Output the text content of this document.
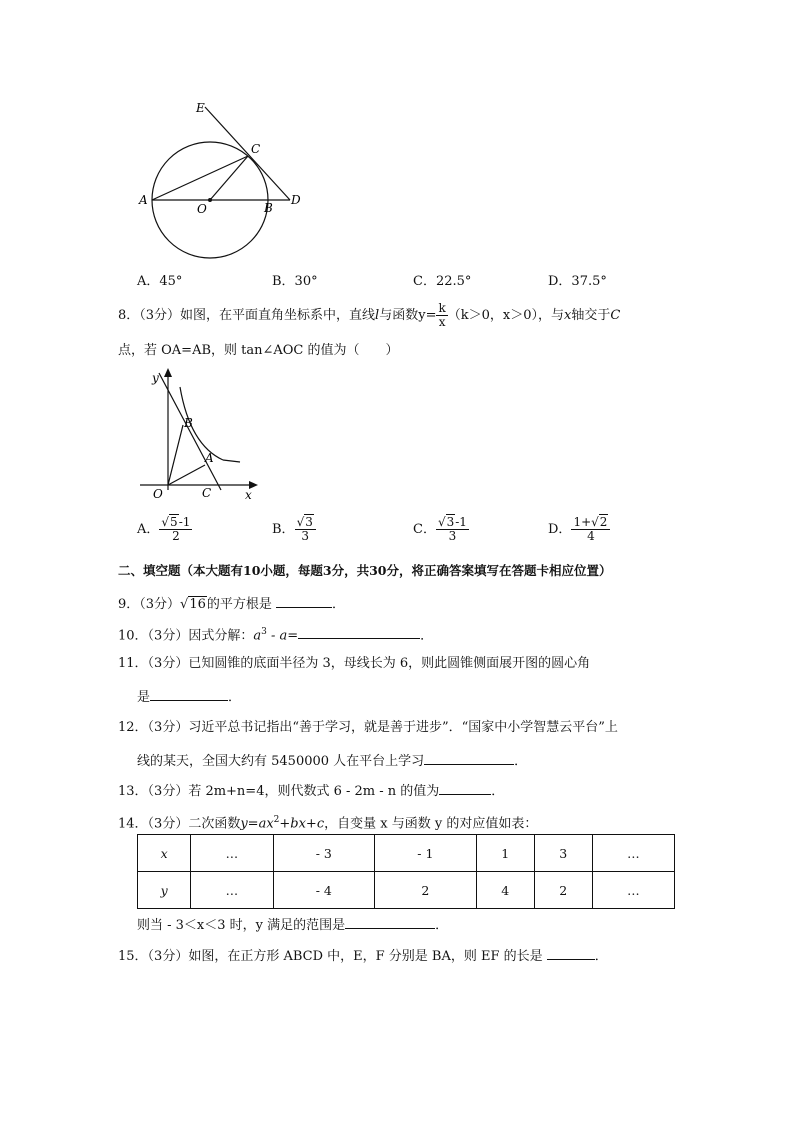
E
C
A
O	B
D
A．45°	B．30°	C．22.5°	D．37.5°
8．（3分）如图，在平面直角坐标系中，直线l与函数$y= \frac{k}{x} (k>0$，x＞0），与x轴交于C
点，若 OA=AB，则 tan∠AOC 的值为（　　）
y
B
A
O	C	x
A． $\frac{√5-1}{2}$	B． $\frac{√3}{3}$	C． $\frac{√3-1}{3}$	D． $\frac{1+√2}{4}$
二、填空题（本大题有10小题，每题3分，共30分，将正确答案填写在答题卡相应位置）
9．（3分）√16的平方根是	．
10．（3分）因式分解：$a^3 - a=$	．
11．（3分）已知圆锥的底面半径为 3，母线长为 6，则此圆锥侧面展开图的圆心角
是	．
12．（3分）习近平总书记指出“善于学习，就是善于进步”．“国家中小学智慧云平台”上
线的某天，全国大约有 5450000 人在平台上学习	．
13．（3分）若 2m+n=4，则代数式 6 - 2m - n 的值为	．
14．（3分）二次函数$y=ax^2+bx+c$，自变量 x 与函数 y 的对应值如表：
x	…	- 3	- 1	1	3	…
y	…	- 4	2	4	2	…
则当 - 3＜x＜3 时，y 满足的范围是	．
15．（3分）如图，在正方形 ABCD 中，E，F 分别是 BA，则 EF 的长是	．
